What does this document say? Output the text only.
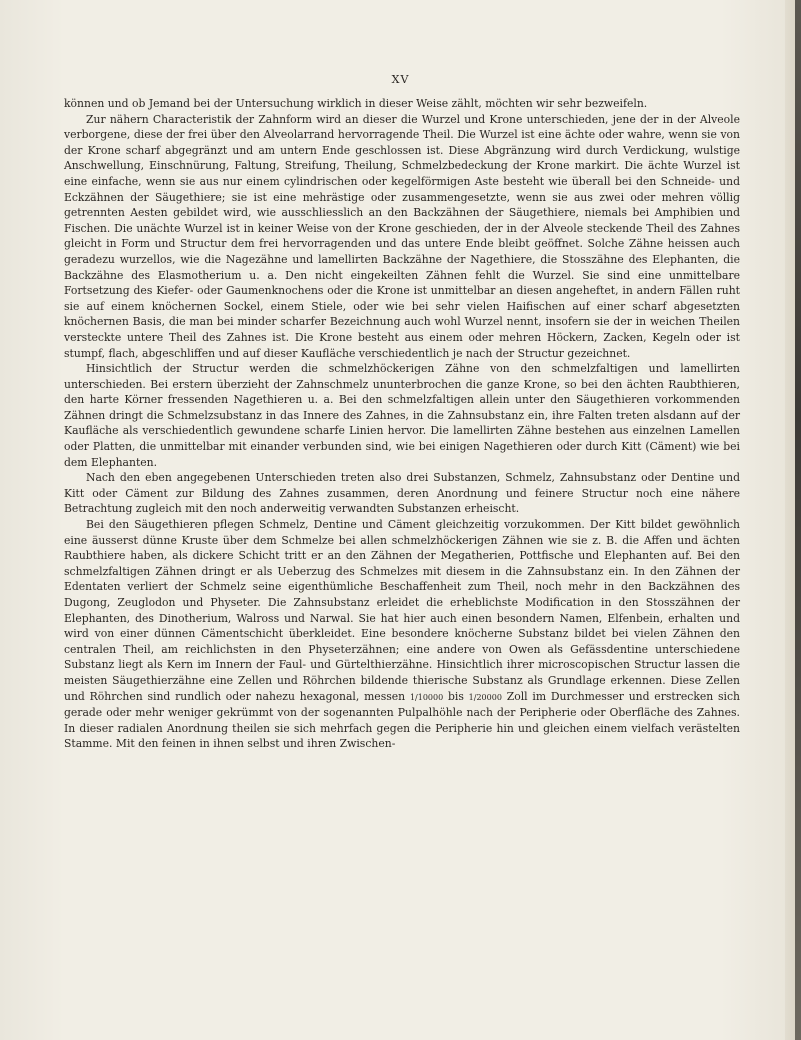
XV

können und ob Jemand bei der Untersuchung wirklich in dieser Weise zählt, möchten wir sehr bezweifeln.

Zur nähern Characteristik der Zahnform wird an dieser die Wurzel und Krone unterschieden, jene der in der Alveole verborgene, diese der frei über den Alveolarrand hervorragende Theil. Die Wurzel ist eine ächte oder wahre, wenn sie von der Krone scharf abgegränzt und am untern Ende geschlossen ist. Diese Abgränzung wird durch Verdickung, wulstige Anschwellung, Einschnürung, Faltung, Streifung, Theilung, Schmelzbedeckung der Krone markirt. Die ächte Wurzel ist eine einfache, wenn sie aus nur einem cylindrischen oder kegelförmigen Aste besteht wie überall bei den Schneide- und Eckzähnen der Säugethiere; sie ist eine mehrästige oder zusammengesetzte, wenn sie aus zwei oder mehren völlig getrennten Aesten gebildet wird, wie ausschliesslich an den Backzähnen der Säugethiere, niemals bei Amphibien und Fischen. Die unächte Wurzel ist in keiner Weise von der Krone geschieden, der in der Alveole steckende Theil des Zahnes gleicht in Form und Structur dem frei hervorragenden und das untere Ende bleibt geöffnet. Solche Zähne heissen auch geradezu wurzellos, wie die Nagezähne und lamellirten Backzähne der Nagethiere, die Stosszähne des Elephanten, die Backzähne des Elasmotherium u. a. Den nicht eingekeilten Zähnen fehlt die Wurzel. Sie sind eine unmittelbare Fortsetzung des Kiefer- oder Gaumenknochens oder die Krone ist unmittelbar an diesen angeheftet, in andern Fällen ruht sie auf einem knöchernen Sockel, einem Stiele, oder wie bei sehr vielen Haifischen auf einer scharf abgesetzten knöchernen Basis, die man bei minder scharfer Bezeichnung auch wohl Wurzel nennt, insofern sie der in weichen Theilen versteckte untere Theil des Zahnes ist. Die Krone besteht aus einem oder mehren Höckern, Zacken, Kegeln oder ist stumpf, flach, abgeschliffen und auf dieser Kaufläche verschiedentlich je nach der Structur gezeichnet.

Hinsichtlich der Structur werden die schmelzhöckerigen Zähne von den schmelzfaltigen und lamellirten unterschieden. Bei erstern überzieht der Zahnschmelz ununterbrochen die ganze Krone, so bei den ächten Raubthieren, den harte Körner fressenden Nagethieren u. a. Bei den schmelzfaltigen allein unter den Säugethieren vorkommenden Zähnen dringt die Schmelzsubstanz in das Innere des Zahnes, in die Zahnsubstanz ein, ihre Falten treten alsdann auf der Kaufläche als verschiedentlich gewundene scharfe Linien hervor. Die lamellirten Zähne bestehen aus einzelnen Lamellen oder Platten, die unmittelbar mit einander verbunden sind, wie bei einigen Nagethieren oder durch Kitt (Cäment) wie bei dem Elephanten.

Nach den eben angegebenen Unterschieden treten also drei Substanzen, Schmelz, Zahnsubstanz oder Dentine und Kitt oder Cäment zur Bildung des Zahnes zusammen, deren Anordnung und feinere Structur noch eine nähere Betrachtung zugleich mit den noch anderweitig verwandten Substanzen erheischt.

Bei den Säugethieren pflegen Schmelz, Dentine und Cäment gleichzeitig vorzukommen. Der Kitt bildet gewöhnlich eine äusserst dünne Kruste über dem Schmelze bei allen schmelzhöckerigen Zähnen wie sie z. B. die Affen und ächten Raubthiere haben, als dickere Schicht tritt er an den Zähnen der Megatherien, Pottfische und Elephanten auf. Bei den schmelzfaltigen Zähnen dringt er als Ueberzug des Schmelzes mit diesem in die Zahnsubstanz ein. In den Zähnen der Edentaten verliert der Schmelz seine eigenthümliche Beschaffenheit zum Theil, noch mehr in den Backzähnen des Dugong, Zeuglodon und Physeter. Die Zahnsubstanz erleidet die erheblichste Modification in den Stosszähnen der Elephanten, des Dinotherium, Walross und Narwal. Sie hat hier auch einen besondern Namen, Elfenbein, erhalten und wird von einer dünnen Cämentschicht überkleidet. Eine besondere knöcherne Substanz bildet bei vielen Zähnen den centralen Theil, am reichlichsten in den Physeterzähnen; eine andere von Owen als Gefässdentine unterschiedene Substanz liegt als Kern im Innern der Faul- und Gürtelthierzähne. Hinsichtlich ihrer microscopischen Structur lassen die meisten Säugethierzähne eine Zellen und Röhrchen bildende thierische Substanz als Grundlage erkennen. Diese Zellen und Röhrchen sind rundlich oder nahezu hexagonal, messen 1/10000 bis 1/20000 Zoll im Durchmesser und erstrecken sich gerade oder mehr weniger gekrümmt von der sogenannten Pulpalhöhle nach der Peripherie oder Oberfläche des Zahnes. In dieser radialen Anordnung theilen sie sich mehrfach gegen die Peripherie hin und gleichen einem vielfach verästelten Stamme. Mit den feinen in ihnen selbst und ihren Zwischen-
